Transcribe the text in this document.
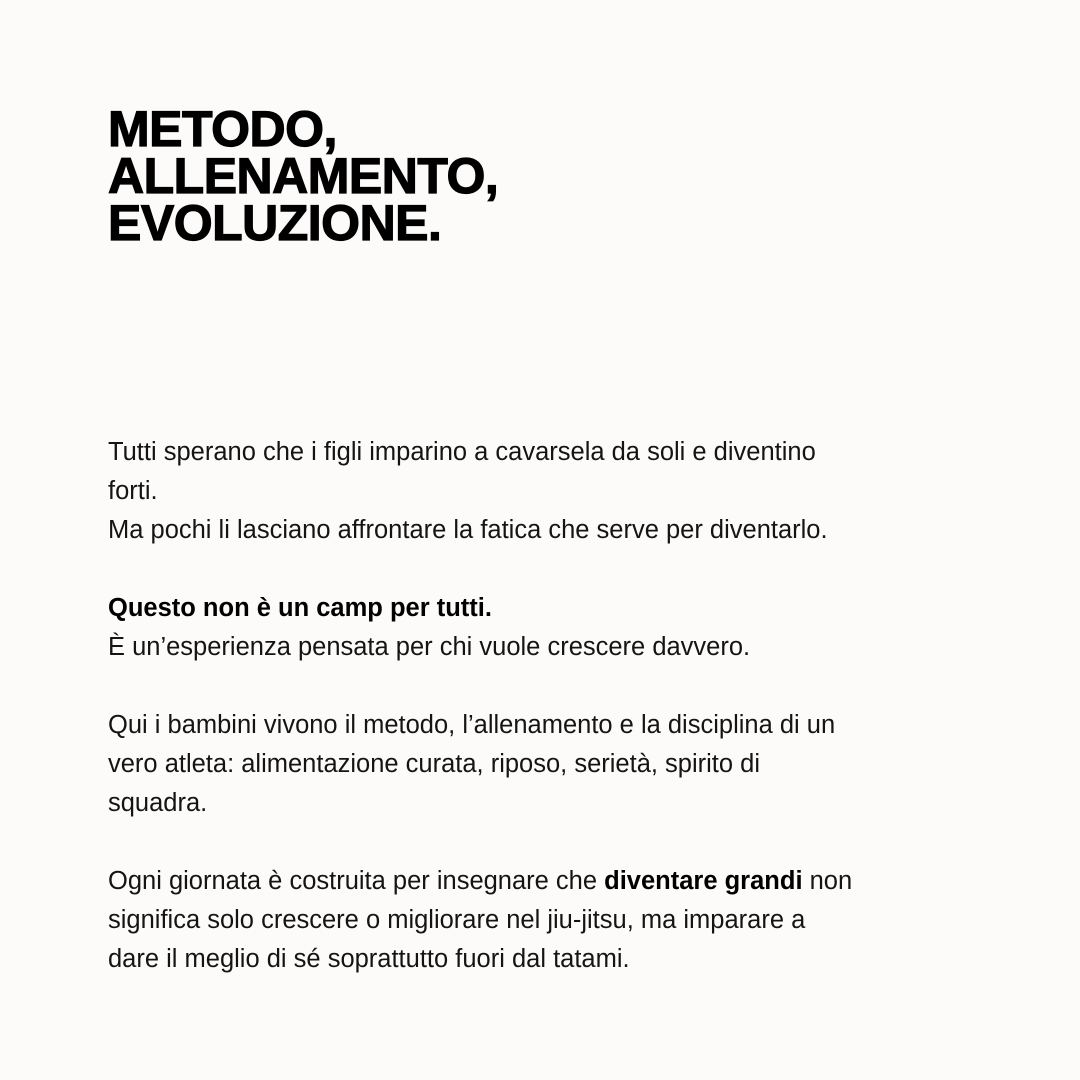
METODO,
ALLENAMENTO,
EVOLUZIONE.
Tutti sperano che i figli imparino a cavarsela da soli e diventino
forti.
Ma pochi li lasciano affrontare la fatica che serve per diventarlo.
Questo non è un camp per tutti.
È un’esperienza pensata per chi vuole crescere davvero.
Qui i bambini vivono il metodo, l’allenamento e la disciplina di un
vero atleta: alimentazione curata, riposo, serietà, spirito di
squadra.
Ogni giornata è costruita per insegnare che diventare grandi non
significa solo crescere o migliorare nel jiu-jitsu, ma imparare a
dare il meglio di sé soprattutto fuori dal tatami.
